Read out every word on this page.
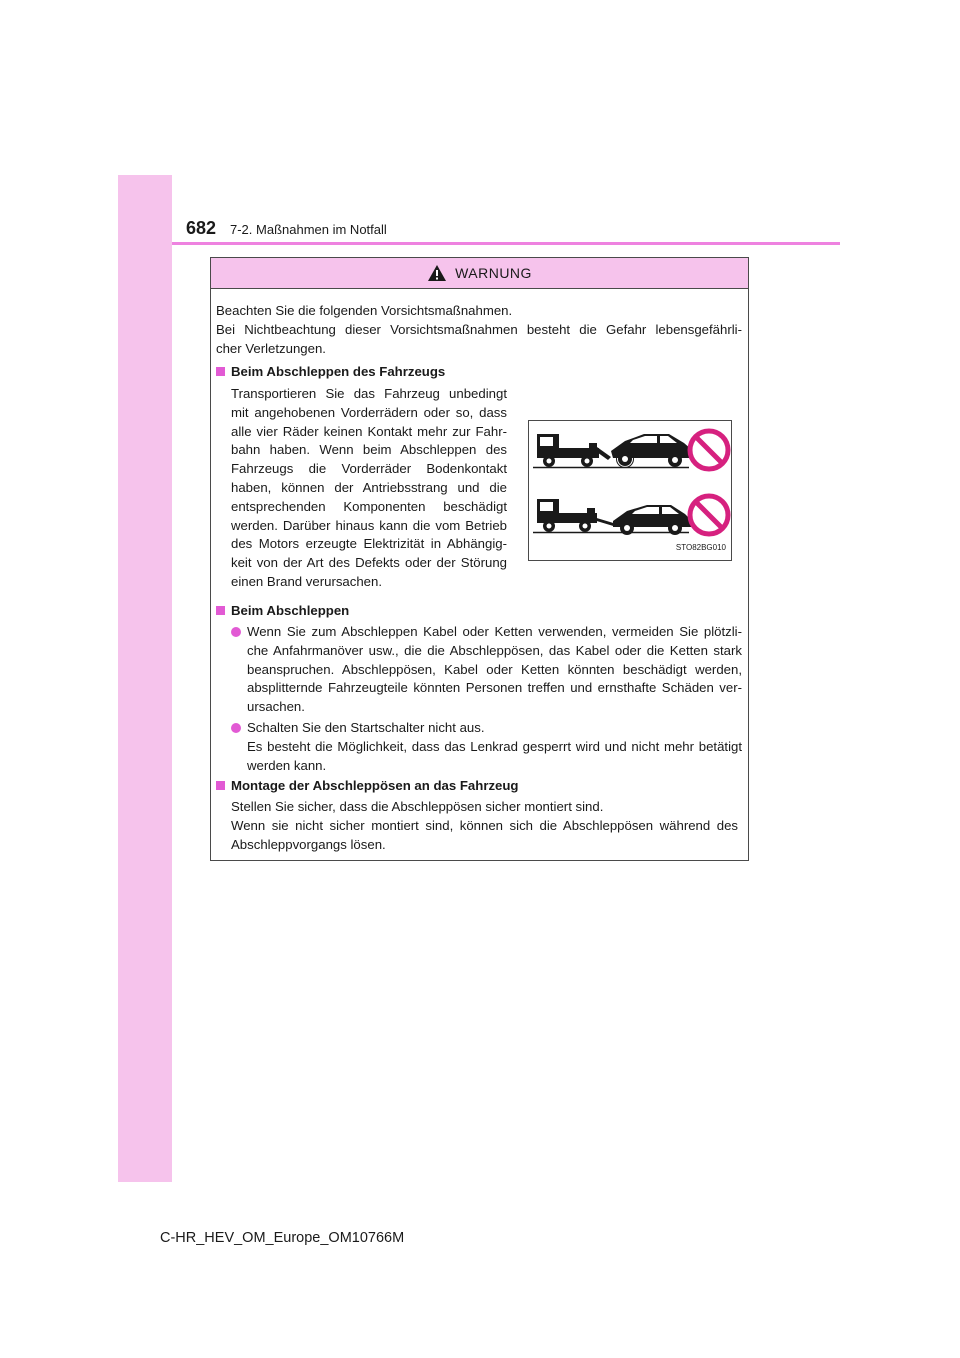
682 7-2. Maßnahmen im Notfall
WARNUNG

Beachten Sie die folgenden Vorsichtsmaßnahmen.

Bei Nichtbeachtung dieser Vorsichtsmaßnahmen besteht die Gefahr lebensgefährli-

cher Verletzungen.

Beim Abschleppen des Fahrzeugs

Transportieren Sie das Fahrzeug unbedingt
mit angehobenen Vorderrädern oder so, dass
alle vier Räder keinen Kontakt mehr zur Fahr-
bahn haben. Wenn beim Abschleppen des
Fahrzeugs die Vorderräder Bodenkontakt
haben, können der Antriebsstrang und die
entsprechenden Komponenten beschädigt
werden. Darüber hinaus kann die vom Betrieb
des Motors erzeugte Elektrizität in Abhängig-
keit von der Art des Defekts oder der Störung
einen Brand verursachen.
STO82BG010

Beim Abschleppen

Wenn Sie zum Abschleppen Kabel oder Ketten verwenden, vermeiden Sie plötzli-
che Anfahrmanöver usw., die die Abschleppösen, das Kabel oder die Ketten stark
beanspruchen. Abschleppösen, Kabel oder Ketten könnten beschädigt werden,
absplitternde Fahrzeugteile könnten Personen treffen und ernsthafte Schäden ver-
ursachen.
Schalten Sie den Startschalter nicht aus.
Es besteht die Möglichkeit, dass das Lenkrad gesperrt wird und nicht mehr betätigt
werden kann.

Montage der Abschleppösen an das Fahrzeug

Stellen Sie sicher, dass die Abschleppösen sicher montiert sind.
Wenn sie nicht sicher montiert sind, können sich die Abschleppösen während des
Abschleppvorgangs lösen.
C-HR_HEV_OM_Europe_OM10766M
